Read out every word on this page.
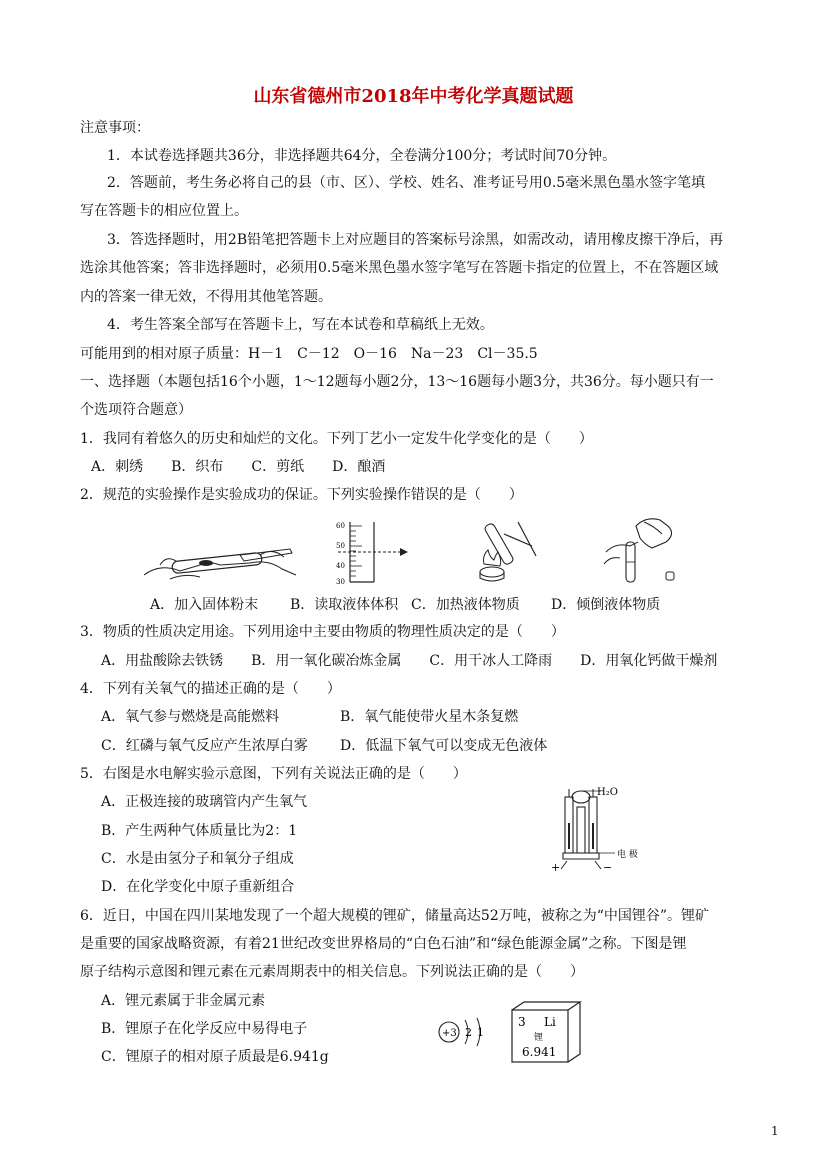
山东省德州市2018年中考化学真题试题
注意事项：
1．本试卷选择题共36分，非选择题共64分，全卷满分100分；考试时间70分钟。
2．答题前，考生务必将自己的县（市、区）、学校、姓名、准考证号用0.5毫米黑色墨水签字笔填
写在答题卡的相应位置上。
3．答选择题时，用2B铅笔把答题卡上对应题目的答案标号涂黑，如需改动，请用橡皮擦干净后，再
选涂其他答案；答非选择题时，必须用0.5毫米黑色墨水签字笔写在答题卡指定的位置上，不在答题区域
内的答案一律无效，不得用其他笔答题。
4．考生答案全部写在答题卡上，写在本试卷和草稿纸上无效。
可能用到的相对原子质量：H－1　C－12　O－16　Na－23　Cl－35.5
一、选择题（本题包括16个小题，1～12题每小题2分，13～16题每小题3分，共36分。每小题只有一
个选项符合题意）
1．我同有着悠久的历史和灿烂的文化。下列丁艺小一定发牛化学变化的是（　　）
A．刺绣　　B．织布　　C．剪纸　　D．酿酒
2．规范的实验操作是实验成功的保证。下列实验操作错误的是（　　）
60
50
40
30
A．加入固体粉末 B．读取液体体积 C．加热液体物质 D．倾倒液体物质
3．物质的性质决定用途。下列用途中主要由物质的物理性质决定的是（　　）
A．用盐酸除去铁锈　　B．用一氧化碳冶炼金属　　C．用干冰人工降雨　　D．用氧化钙做干燥剂
4．下列有关氧气的描述正确的是（　　）
A．氧气参与燃烧是高能燃料	B．氧气能使带火星木条复燃
C．红磷与氧气反应产生浓厚白雾 D．低温下氧气可以变成无色液体
5．右图是水电解实验示意图，下列有关说法正确的是（　　）
A．正极连接的玻璃管内产生氧气
B．产生两种气体质量比为2：1
C．水是由氢分子和氧分子组成
D．在化学变化中原子重新组合
H₂O
电 极
+	−
6．近日，中国在四川某地发现了一个超大规模的锂矿，储量高达52万吨，被称之为“中国锂谷”。锂矿
是重要的国家战略资源，有着21世纪改变世界格局的“白色石油”和“绿色能源金属”之称。下图是锂
原子结构示意图和锂元素在元素周期表中的相关信息。下列说法正确的是（　　）
A．锂元素属于非金属元素
B．锂原子在化学反应中易得电子
C．锂原子的相对原子质最是6.941g
+3 2 1
3 Li
锂
6.941
1
